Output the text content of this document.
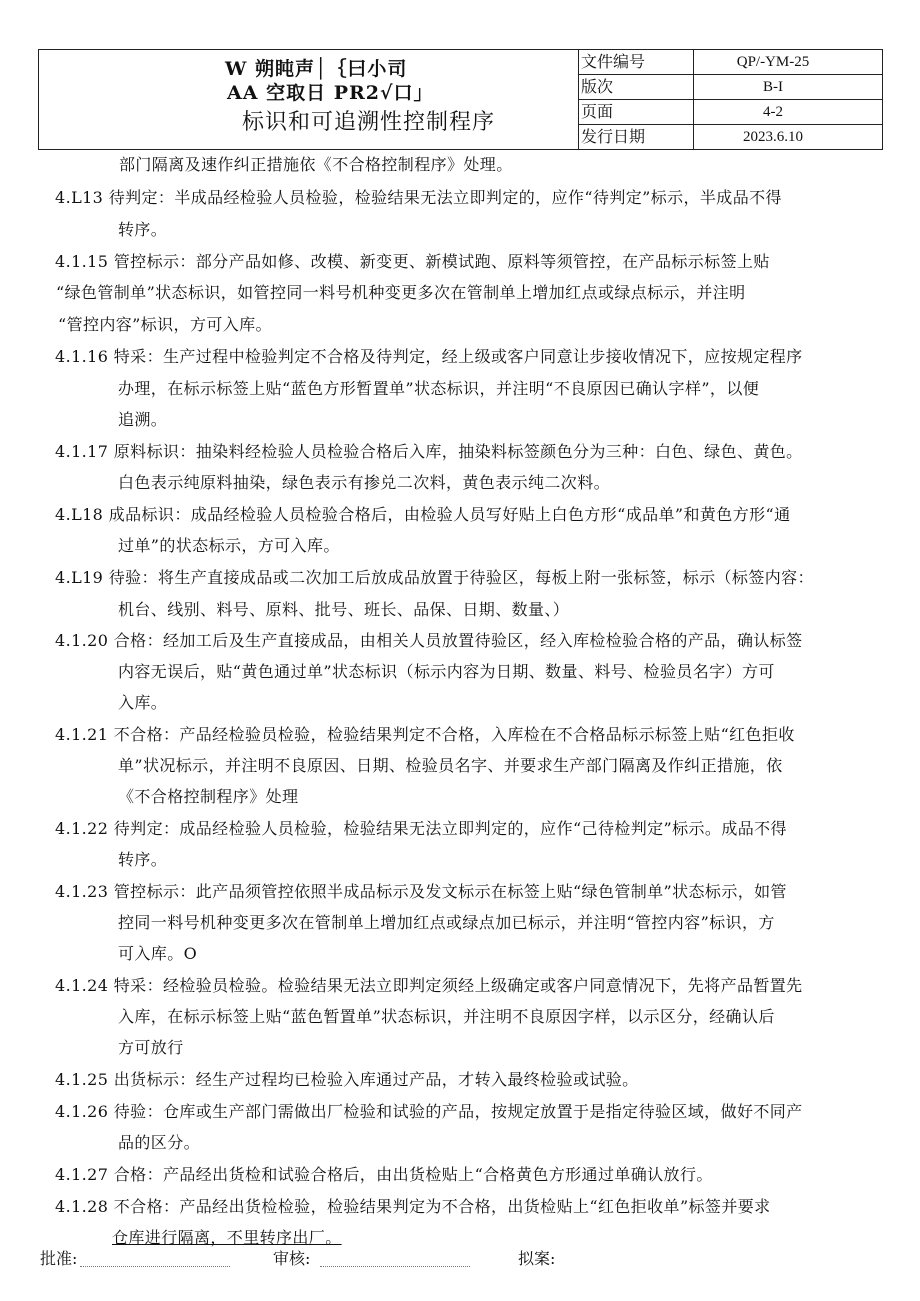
W 朔盹声│｛曰小司
AA 空取日 PR2√口」
标识和可追溯性控制程序
文件编号	QP/-YM-25
版次	B-I
页面	4-2
发行日期	2023.6.10
部门隔离及速作纠正措施依《不合格控制程序》处理。
4.L13 待判定：半成品经检验人员检验，检验结果无法立即判定的，应作“待判定”标示，半成品不得
转序。
4.1.15 管控标示：部分产品如修、改模、新变更、新模试跑、原料等须管控，在产品标示标签上贴
“绿色管制单”状态标识，如管控同一料号机种变更多次在管制单上增加红点或绿点标示，并注明
“管控内容”标识，方可入库。
4.1.16 特采：生产过程中检验判定不合格及待判定，经上级或客户同意让步接收情况下，应按规定程序
办理，在标示标签上贴“蓝色方形暂置单”状态标识，并注明“不良原因已确认字样”，以便
追溯。
4.1.17 原料标识：抽染料经检验人员检验合格后入库，抽染料标签颜色分为三种：白色、绿色、黄色。
白色表示纯原料抽染，绿色表示有掺兑二次料，黄色表示纯二次料。
4.L18 成品标识：成品经检验人员检验合格后，由检验人员写好贴上白色方形“成品单”和黄色方形“通
过单”的状态标示，方可入库。
4.L19 待验：将生产直接成品或二次加工后放成品放置于待验区，每板上附一张标签，标示（标签内容：
机台、线别、料号、原料、批号、班长、品保、日期、数量、）
4.1.20 合格：经加工后及生产直接成品，由相关人员放置待验区，经入库检检验合格的产品，确认标签
内容无误后，贴“黄色通过单”状态标识（标示内容为日期、数量、料号、检验员名字）方可
入库。
4.1.21 不合格：产品经检验员检验，检验结果判定不合格，入库检在不合格品标示标签上贴“红色拒收
单”状况标示，并注明不良原因、日期、检验员名字、并要求生产部门隔离及作纠正措施，依
《不合格控制程序》处理
4.1.22 待判定：成品经检验人员检验，检验结果无法立即判定的，应作“己待检判定”标示。成品不得
转序。
4.1.23 管控标示：此产品须管控依照半成品标示及发文标示在标签上贴“绿色管制单”状态标示，如管
控同一料号机种变更多次在管制单上增加红点或绿点加已标示，并注明“管控内容”标识，方
可入库。O
4.1.24 特采：经检验员检验。检验结果无法立即判定须经上级确定或客户同意情况下，先将产品暂置先
入库，在标示标签上贴“蓝色暂置单”状态标识，并注明不良原因字样，以示区分，经确认后
方可放行
4.1.25 出货标示：经生产过程均已检验入库通过产品，才转入最终检验或试验。
4.1.26 待验：仓库或生产部门需做出厂检验和试验的产品，按规定放置于是指定待验区域，做好不同产
品的区分。
4.1.27 合格：产品经出货检和试验合格后，由出货检贴上“合格黄色方形通过单确认放行。
4.1.28 不合格：产品经出货检检验，检验结果判定为不合格，出货检贴上“红色拒收单”标签并要求
仓库进行隔离，不里转序出厂。
批准:	审核:	拟案:
